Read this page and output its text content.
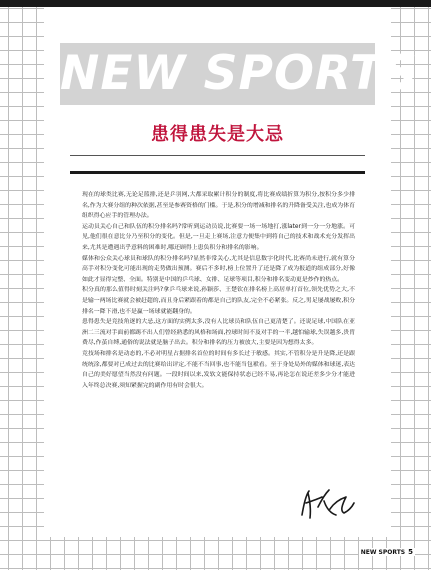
NEW SPORTS
患得患失是大忌

现在的球类比赛,无论足篮排,还是乒羽网,大都采取累计积分的制度,将比赛成绩折算为积分,按积分多少排名,作为大赛分组的种次依据,甚至是参赛资格的门槛。于是,积分的增减和排名的升降备受关注,也成为体育组织得心应手的管理办法。

运动员关心自己和队伍的积分排名吗?常听到运动员说,比赛要一场一场地打,涨later到一分一分地涨。可见,他们很在意比分乃至积分的变化。但是,一旦走上赛场,注意力便集中到将自己的技术和战术充分发挥出来,尤其是遭遇出乎意料的困难时,哪还顾得上患负积分和排名的影响。

媒体和公众关心球员和球队的积分排名吗?显然非常关心,尤其是信息数字化时代,比赛尚未进行,就有算分高手对积分变化可能出现的走势做出预测。赛后不多时,榜上位置升了还是降了成为报道的组成部分,好像如此才显得完整、全面。特别是中国的乒乓球、女排、足球等项目,积分和排名变动更是炒作的热点。

积分真的那么值得时刻关注吗?拿乒乓球来说,孙颖莎、王楚钦在排名榜上高居单打首位,领先优势之大,不是输一两场比赛就会被赶超的,而且身后紧跟着的都是自己的队友,完全不必紧张。反之,男足屡战屡败,积分排名一降下滑,也不是赢一场球就能翻身的。

患得患失是竞技角逐的大忌,这方面的实例太多,没有人比球员和队伍自己更清楚了。还说足球,中国队在亚洲二三流对手面前都踢不出人们曾经熟悉的风格和场面,控球时间不及对手的一半,越怕输球,失误越多,贵胄费尽,作茧自缚,通俗的说法就是脑子出去。积分和排名的压力被放大,主要是因为想得太多。

竞技场和排名是动态的,不必对明星占据排名首位的时间有多长过于敏感。其实,不管积分是升是降,还是跟统统涂,都要对已成过去的比赛给出评定,不能不当回事,也不能当包袱看。至于身处局外的媒体和球迷,表达自己的美好愿望当然没有问题。一段时间以来,发软文能保持状态已经不易,再论怎在说还差多少分才能进入年终总决赛,须知紧握完的副作用有时会很大。

NEW SPORTS 5
